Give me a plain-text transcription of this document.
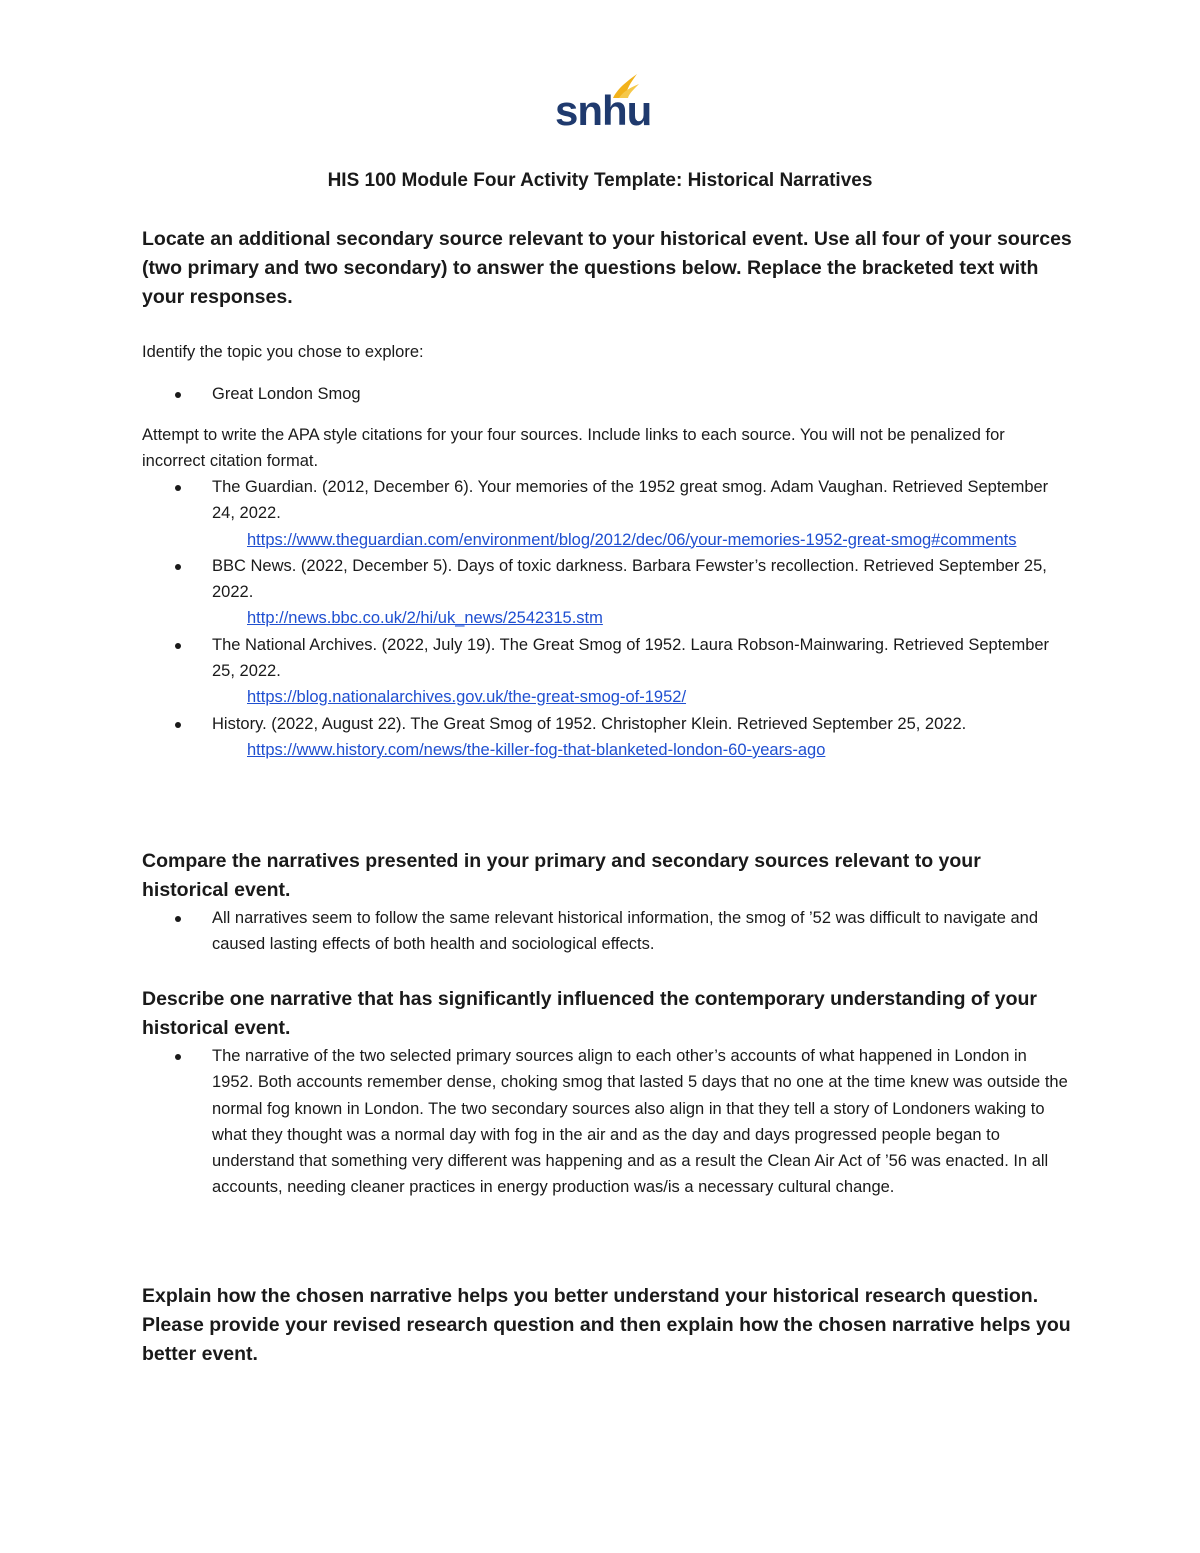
snhu
HIS 100 Module Four Activity Template: Historical Narratives

Locate an additional secondary source relevant to your historical event. Use all four of your sources (two primary and two secondary) to answer the questions below. Replace the bracketed text with your responses.

Identify the topic you chose to explore:

Great London Smog

Attempt to write the APA style citations for your four sources. Include links to each source. You will not be penalized for incorrect citation format.

The Guardian. (2012, December 6). Your memories of the 1952 great smog. Adam Vaughan. Retrieved September 24, 2022.
https://www.theguardian.com/environment/blog/2012/dec/06/your-memories-1952-great-smog#comments
BBC News. (2022, December 5). Days of toxic darkness. Barbara Fewster’s recollection. Retrieved September 25, 2022.
http://news.bbc.co.uk/2/hi/uk_news/2542315.stm
The National Archives. (2022, July 19). The Great Smog of 1952. Laura Robson-Mainwaring. Retrieved September 25, 2022.
https://blog.nationalarchives.gov.uk/the-great-smog-of-1952/
History. (2022, August 22). The Great Smog of 1952. Christopher Klein. Retrieved September 25, 2022.
https://www.history.com/news/the-killer-fog-that-blanketed-london-60-years-ago

Compare the narratives presented in your primary and secondary sources relevant to your historical event.

All narratives seem to follow the same relevant historical information, the smog of ’52 was difficult to navigate and caused lasting effects of both health and sociological effects.

Describe one narrative that has significantly influenced the contemporary understanding of your historical event.

The narrative of the two selected primary sources align to each other’s accounts of what happened in London in 1952. Both accounts remember dense, choking smog that lasted 5 days that no one at the time knew was outside the normal fog known in London. The two secondary sources also align in that they tell a story of Londoners waking to what they thought was a normal day with fog in the air and as the day and days progressed people began to understand that something very different was happening and as a result the Clean Air Act of ’56 was enacted. In all accounts, needing cleaner practices in energy production was/is a necessary cultural change.

Explain how the chosen narrative helps you better understand your historical research question. Please provide your revised research question and then explain how the chosen narrative helps you better event.
